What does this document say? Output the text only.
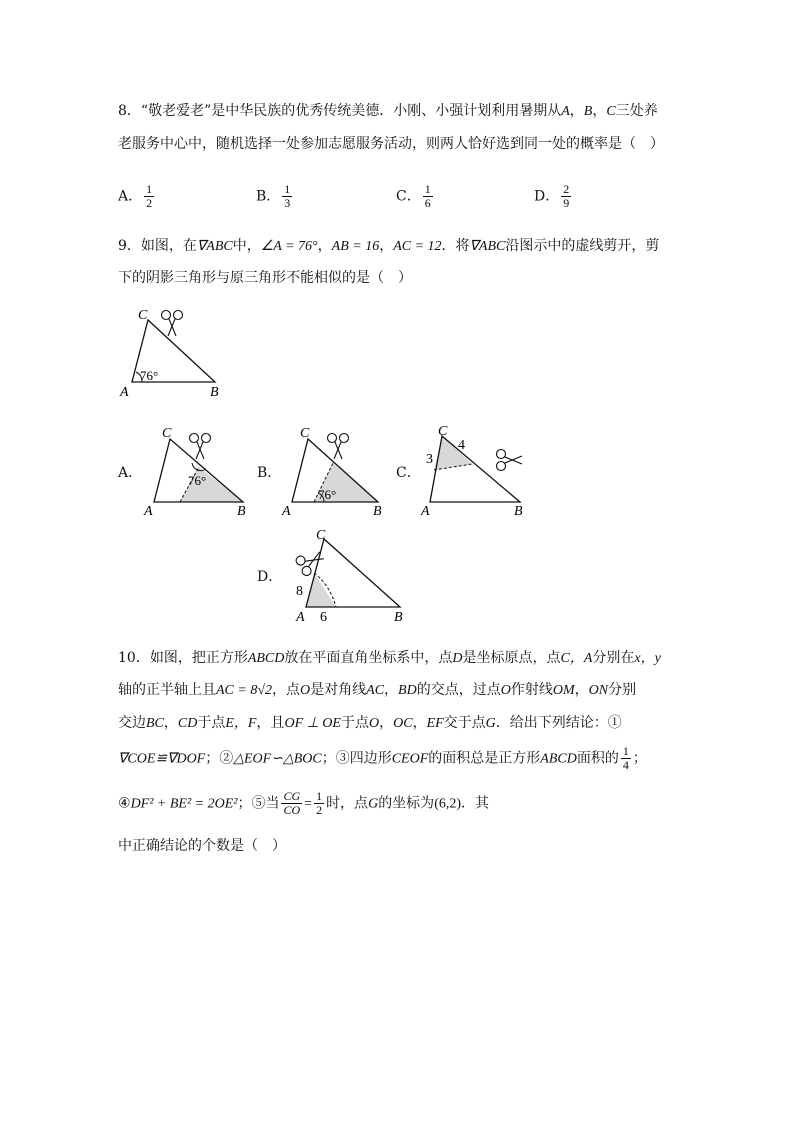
8．“敬老爱老”是中华民族的优秀传统美德．小刚、小强计划利用暑期从A，B，C三处养
老服务中心中，随机选择一处参加志愿服务活动，则两人恰好选到同一处的概率是（　）
A． $\frac{1}{2}$	B． $\frac{1}{3}$	C． $\frac{1}{6}$	D． $\frac{2}{9}$
9．如图，在∇ABC中，∠A = 76°，AB = 16，AC = 12．将∇ABC沿图示中的虚线剪开，剪
下的阴影三角形与原三角形不能相似的是（　）
76°
C
A	B
A．	76°
C
A	B
B．
76°
C
A	B
C．
C
3
4
A	B
D．
C
8
6
A	B
10．如图，把正方形ABCD放在平面直角坐标系中，点D是坐标原点，点C，A分别在x，y
轴的正半轴上且AC = 8√2，点O是对角线AC，BD的交点，过点O作射线OM，ON分别
交边BC，CD于点E，F，且OF ⊥ OE于点O，OC，EF交于点G．给出下列结论：①
∇COE≌∇DOF；②△EOF∽△BOC；③四边形CEOF的面积总是正方形ABCD面积的 $\frac{1}{4}$ ；
④DF² + BE² = 2OE²；⑤当 $\frac{CG}{CO} = \frac{1}{2}$ 时，点G的坐标为(6,2)．其
中正确结论的个数是（　）
